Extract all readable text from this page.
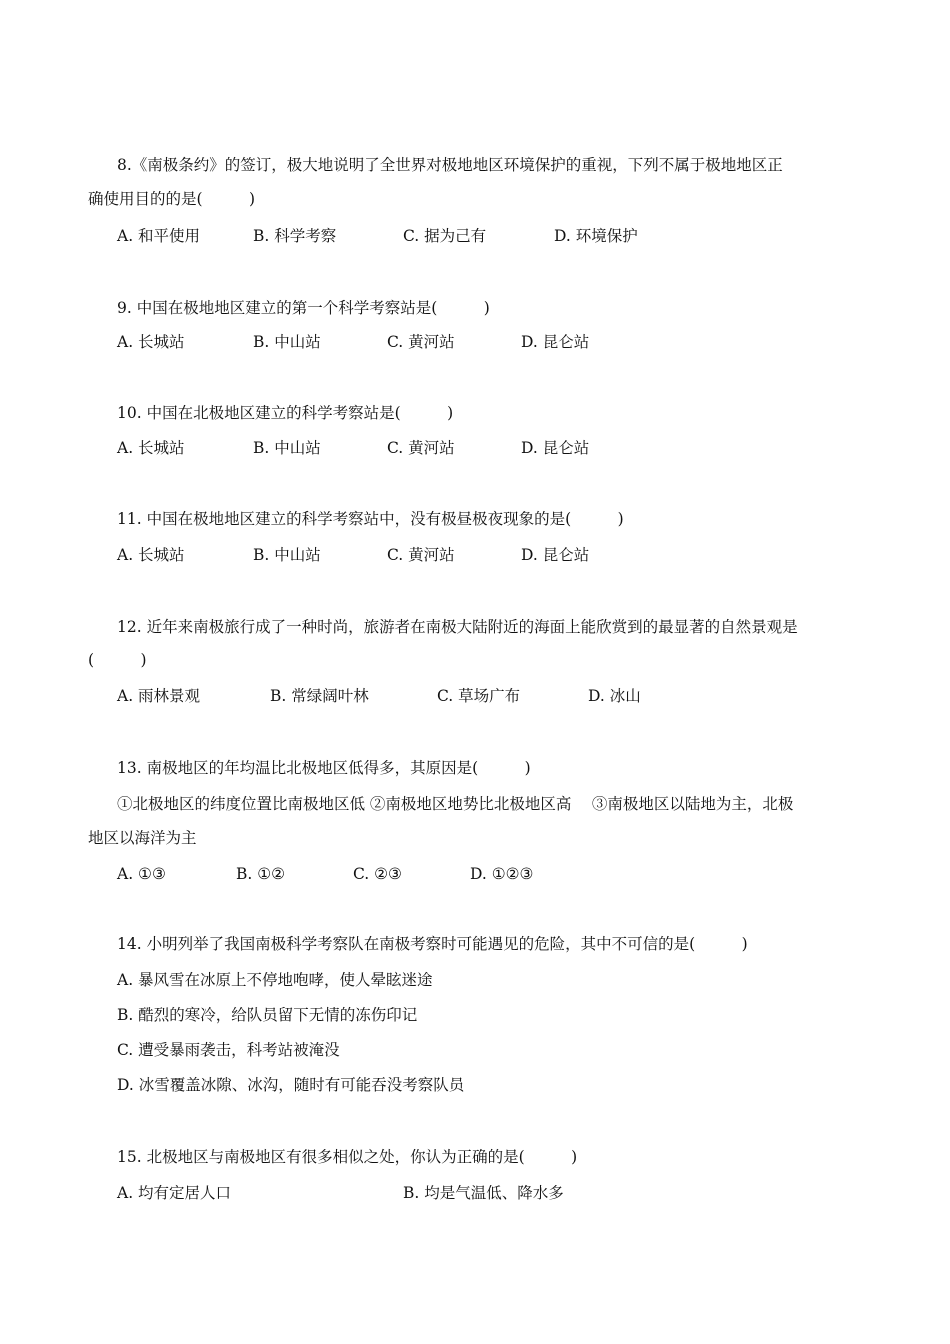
8.《南极条约》的签订，极大地说明了全世界对极地地区环境保护的重视，下列不属于极地地区正
确使用目的的是(　　　)
A. 和平使用	B. 科学考察	C. 据为己有	D. 环境保护
9. 中国在极地地区建立的第一个科学考察站是(　　　)
A. 长城站	B. 中山站	C. 黄河站	D. 昆仑站
10. 中国在北极地区建立的科学考察站是(　　　)
A. 长城站	B. 中山站	C. 黄河站	D. 昆仑站
11. 中国在极地地区建立的科学考察站中，没有极昼极夜现象的是(　　　)
A. 长城站	B. 中山站	C. 黄河站	D. 昆仑站
12. 近年来南极旅行成了一种时尚，旅游者在南极大陆附近的海面上能欣赏到的最显著的自然景观是
(　　　)
A. 雨林景观	B. 常绿阔叶林	C. 草场广布	D. 冰山
13. 南极地区的年均温比北极地区低得多，其原因是(　　　)
①北极地区的纬度位置比南极地区低 ②南极地区地势比北极地区高　 ③南极地区以陆地为主，北极
地区以海洋为主
A. ①③	B. ①②	C. ②③	D. ①②③
14. 小明列举了我国南极科学考察队在南极考察时可能遇见的危险，其中不可信的是(　　　)
A. 暴风雪在冰原上不停地咆哮，使人晕眩迷途
B. 酷烈的寒冷，给队员留下无情的冻伤印记
C. 遭受暴雨袭击，科考站被淹没
D. 冰雪覆盖冰隙、冰沟，随时有可能吞没考察队员
15. 北极地区与南极地区有很多相似之处，你认为正确的是(　　　)
A. 均有定居人口	B. 均是气温低、降水多
